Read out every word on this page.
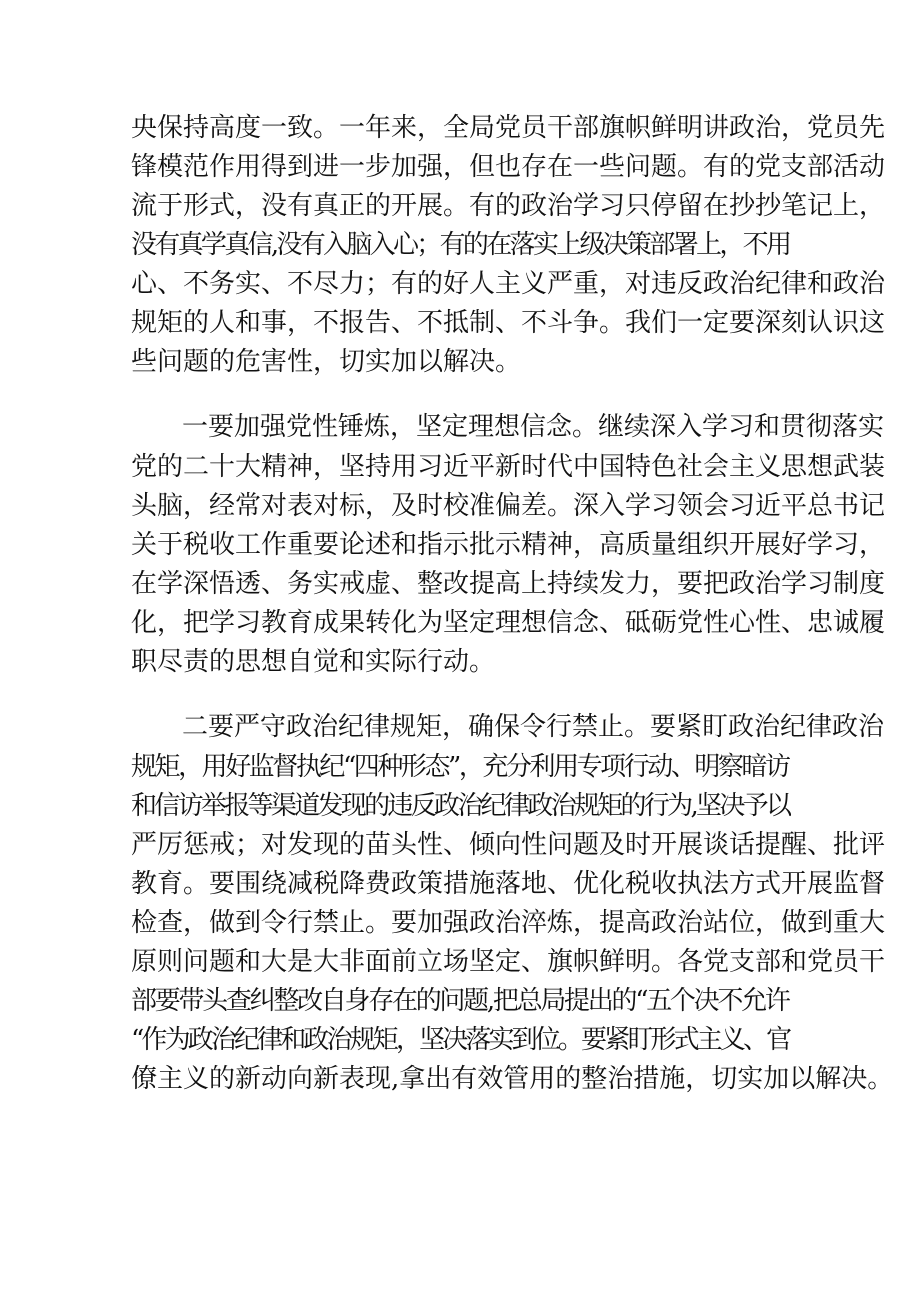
央保持高度一致。一年来，全局党员干部旗帜鲜明讲政治，党员先
锋模范作用得到进一步加强，但也存在一些问题。有的党支部活动
流于形式，没有真正的开展。有的政治学习只停留在抄抄笔记上，
没有真学真信,没有入脑入心；有的在落实上级决策部署上，不用
心、不务实、不尽力；有的好人主义严重，对违反政治纪律和政治
规矩的人和事，不报告、不抵制、不斗争。我们一定要深刻认识这
些问题的危害性，切实加以解决。
一要加强党性锤炼，坚定理想信念。继续深入学习和贯彻落实
党的二十大精神，坚持用习近平新时代中国特色社会主义思想武装
头脑，经常对表对标，及时校准偏差。深入学习领会习近平总书记
关于税收工作重要论述和指示批示精神，高质量组织开展好学习，
在学深悟透、务实戒虚、整改提高上持续发力，要把政治学习制度
化，把学习教育成果转化为坚定理想信念、砥砺党性心性、忠诚履
职尽责的思想自觉和实际行动。
二要严守政治纪律规矩，确保令行禁止。要紧盯政治纪律政治
规矩，用好监督执纪“四种形态”，充分利用专项行动、明察暗访
和信访举报等渠道发现的违反政治纪律政治规矩的行为,坚决予以
严厉惩戒；对发现的苗头性、倾向性问题及时开展谈话提醒、批评
教育。要围绕减税降费政策措施落地、优化税收执法方式开展监督
检查，做到令行禁止。要加强政治淬炼，提高政治站位，做到重大
原则问题和大是大非面前立场坚定、旗帜鲜明。各党支部和党员干
部要带头查纠整改自身存在的问题,把总局提出的“五个决不允许
“作为政治纪律和政治规矩，坚决落实到位。要紧盯形式主义、官
僚主义的新动向新表现,拿出有效管用的整治措施，切实加以解决。
